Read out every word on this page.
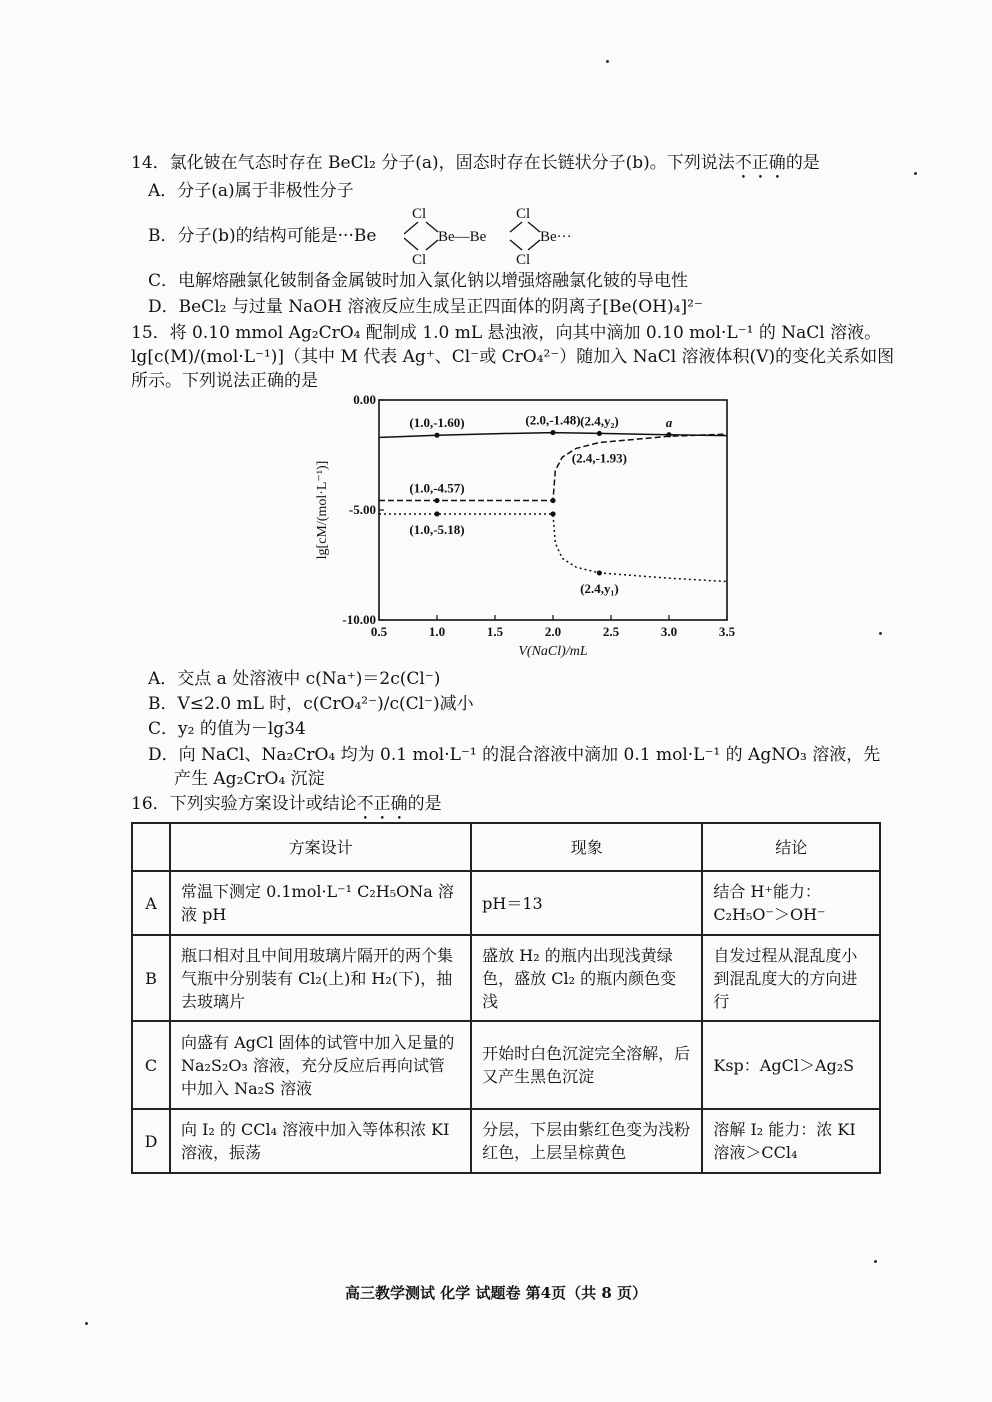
14．氯化铍在气态时存在 BeCl₂ 分子(a)，固态时存在长链状分子(b)。下列说法不正确的是
A．分子(a)属于非极性分子
B．分子(b)的结构可能是···Be
Cl
Cl
Be—Be
Cl
Cl
Be···
C．电解熔融氯化铍制备金属铍时加入氯化钠以增强熔融氯化铍的导电性
D．BeCl₂ 与过量 NaOH 溶液反应生成呈正四面体的阴离子[Be(OH)₄]²⁻
15．将 0.10 mmol Ag₂CrO₄ 配制成 1.0 mL 悬浊液，向其中滴加 0.10 mol·L⁻¹ 的 NaCl 溶液。
lg[c(M)/(mol·L⁻¹)]（其中 M 代表 Ag⁺、Cl⁻或 CrO₄²⁻）随加入 NaCl 溶液体积(V)的变化关系如图
所示。下列说法正确的是
0.5	1.0	1.5	2.0	2.5	3.0	3.5
0.00
-5.00
-10.00
V(NaCl)/mL
lg[cM/(mol·L⁻¹)]
(1.0,-1.60)	(2.0,-1.48) (2.4,y₂)	a
(2.4,-1.93)
(1.0,-4.57)
(1.0,-5.18)
(2.4,y₁)
A．交点 a 处溶液中 c(Na⁺)＝2c(Cl⁻)
B．V≤2.0 mL 时，c(CrO₄²⁻)/c(Cl⁻)减小
C．y₂ 的值为－lg34
D．向 NaCl、Na₂CrO₄ 均为 0.1 mol·L⁻¹ 的混合溶液中滴加 0.1 mol·L⁻¹ 的 AgNO₃ 溶液，先
产生 Ag₂CrO₄ 沉淀
16．下列实验方案设计或结论不正确的是
	方案设计	现象	结论
A	常温下测定 0.1mol·L⁻¹ C₂H₅ONa 溶液 pH	pH＝13	结合 H⁺能力：C₂H₅O⁻＞OH⁻
B	瓶口相对且中间用玻璃片隔开的两个集气瓶中分别装有 Cl₂(上)和 H₂(下)，抽去玻璃片	盛放 H₂ 的瓶内出现浅黄绿色，盛放 Cl₂ 的瓶内颜色变浅	自发过程从混乱度小到混乱度大的方向进行
C	向盛有 AgCl 固体的试管中加入足量的 Na₂S₂O₃ 溶液，充分反应后再向试管中加入 Na₂S 溶液	开始时白色沉淀完全溶解，后又产生黑色沉淀	Ksp：AgCl＞Ag₂S
D	向 I₂ 的 CCl₄ 溶液中加入等体积浓 KI 溶液，振荡	分层，下层由紫红色变为浅粉红色，上层呈棕黄色	溶解 I₂ 能力：浓 KI 溶液＞CCl₄
高三教学测试 化学 试题卷 第4页（共 8 页）
